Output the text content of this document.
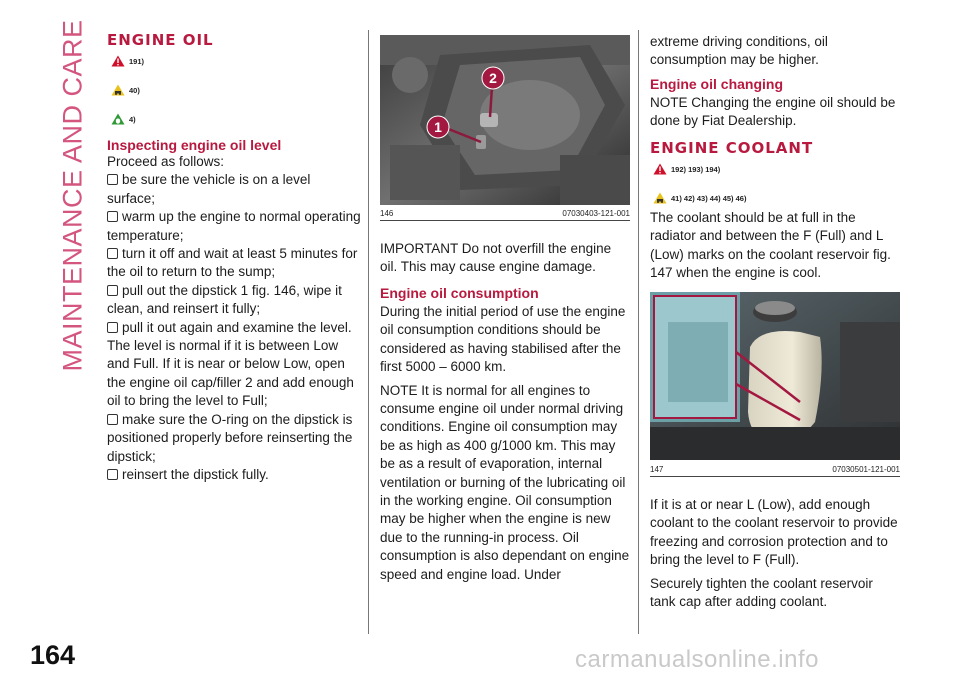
MAINTENANCE AND CARE
164	carmanualsonline.info
ENGINE OIL
191)
40)
4)
Inspecting engine oil level

Proceed as follows:

be sure the vehicle is on a level surface;

warm up the engine to normal operating temperature;

turn it off and wait at least 5 minutes for the oil to return to the sump;

pull out the dipstick 1 fig. 146, wipe it clean, and reinsert it fully;

pull it out again and examine the level. The level is normal if it is between Low and Full. If it is near or below Low, open the engine oil cap/filler 2 and add enough oil to bring the level to Full;

make sure the O-ring on the dipstick is positioned properly before reinserting the dipstick;

reinsert the dipstick fully.

1
2
146	07030403-121-001
IMPORTANT Do not overfill the engine oil. This may cause engine damage.
Engine oil consumption

During the initial period of use the engine oil consumption conditions should be considered as having stabilised after the first 5000 – 6000 km.

NOTE It is normal for all engines to consume engine oil under normal driving conditions. Engine oil consumption may be as high as 400 g/1000 km. This may be as a result of evaporation, internal ventilation or burning of the lubricating oil in the working engine. Oil consumption may be higher when the engine is new due to the running-in process. Oil consumption is also dependant on engine speed and engine load. Under

extreme driving conditions, oil consumption may be higher.
Engine oil changing
NOTE Changing the engine oil should be done by Fiat Dealership.
ENGINE COOLANT
192) 193) 194)
41) 42) 43) 44) 45) 46)
The coolant should be at full in the radiator and between the F (Full) and L (Low) marks on the coolant reservoir fig. 147 when the engine is cool.
147	07030501-121-001

If it is at or near L (Low), add enough coolant to the coolant reservoir to provide freezing and corrosion protection and to bring the level to F (Full).

Securely tighten the coolant reservoir tank cap after adding coolant.
